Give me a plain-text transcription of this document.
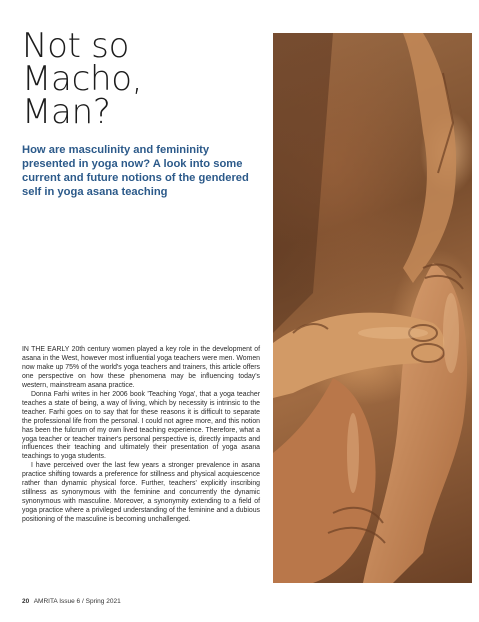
Not so
Macho,
Man?

How are masculinity and femininity presented in yoga now? A look into some current and future notions of the gendered self in yoga asana teaching

IN THE EARLY 20th century women played a key role in the development of asana in the West, however most influential yoga teachers were men. Women now make up 75% of the world's yoga teachers and trainers, this article offers one perspective on how these phenomena may be influencing today's western, mainstream asana practice.

Donna Farhi writes in her 2006 book 'Teaching Yoga', that a yoga teacher teaches a state of being, a way of living, which by necessity is intrinsic to the teacher. Farhi goes on to say that for these reasons it is difficult to separate the professional life from the personal. I could not agree more, and this notion has been the fulcrum of my own lived teaching experience. Therefore, what a yoga teacher or teacher trainer's personal perspective is, directly impacts and influences their teaching and ultimately their presentation of yoga asana teachings to yoga students.

I have perceived over the last few years a stronger prevalence in asana practice shifting towards a preference for stillness and physical acquiescence rather than dynamic physical force. Further, teachers' explicitly inscribing stillness as synonymous with the feminine and concurrently the dynamic synonymous with masculine. Moreover, a synonymity extending to a field of yoga practice where a privileged understanding of the feminine and a dubious positioning of the masculine is becoming unchallenged.

20 AMRITA Issue 6 / Spring 2021
